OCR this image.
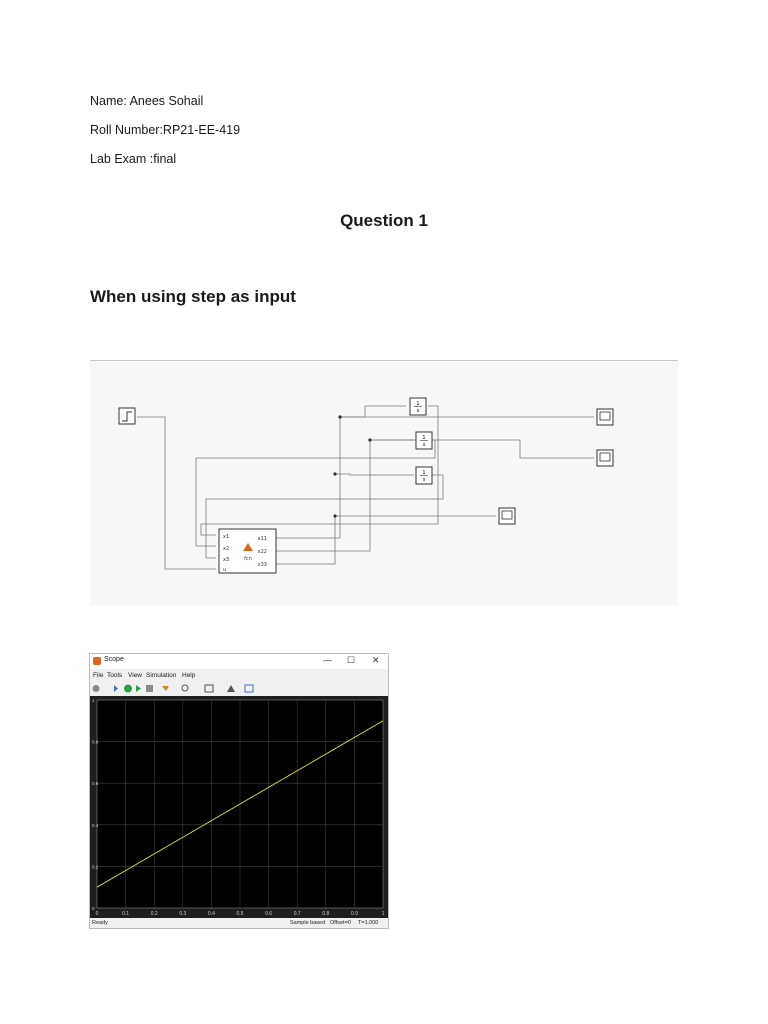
Name: Anees Sohail
Roll Number:RP21-EE-419
Lab Exam :final
Question 1
When using step as input
x1
x2
x3
u
x11
x22
x33
fcn
1
s
1
s
1
s
Scope	— ☐ ✕
File Tools View Simulation Help
0	0.1	0.2	0.3	0.4	0.5	0.6	0.7	0.8	0.9	1
1
0.8
0.6
0.4
0.2
0
Ready	Sample based Offset=0 T=1.000
